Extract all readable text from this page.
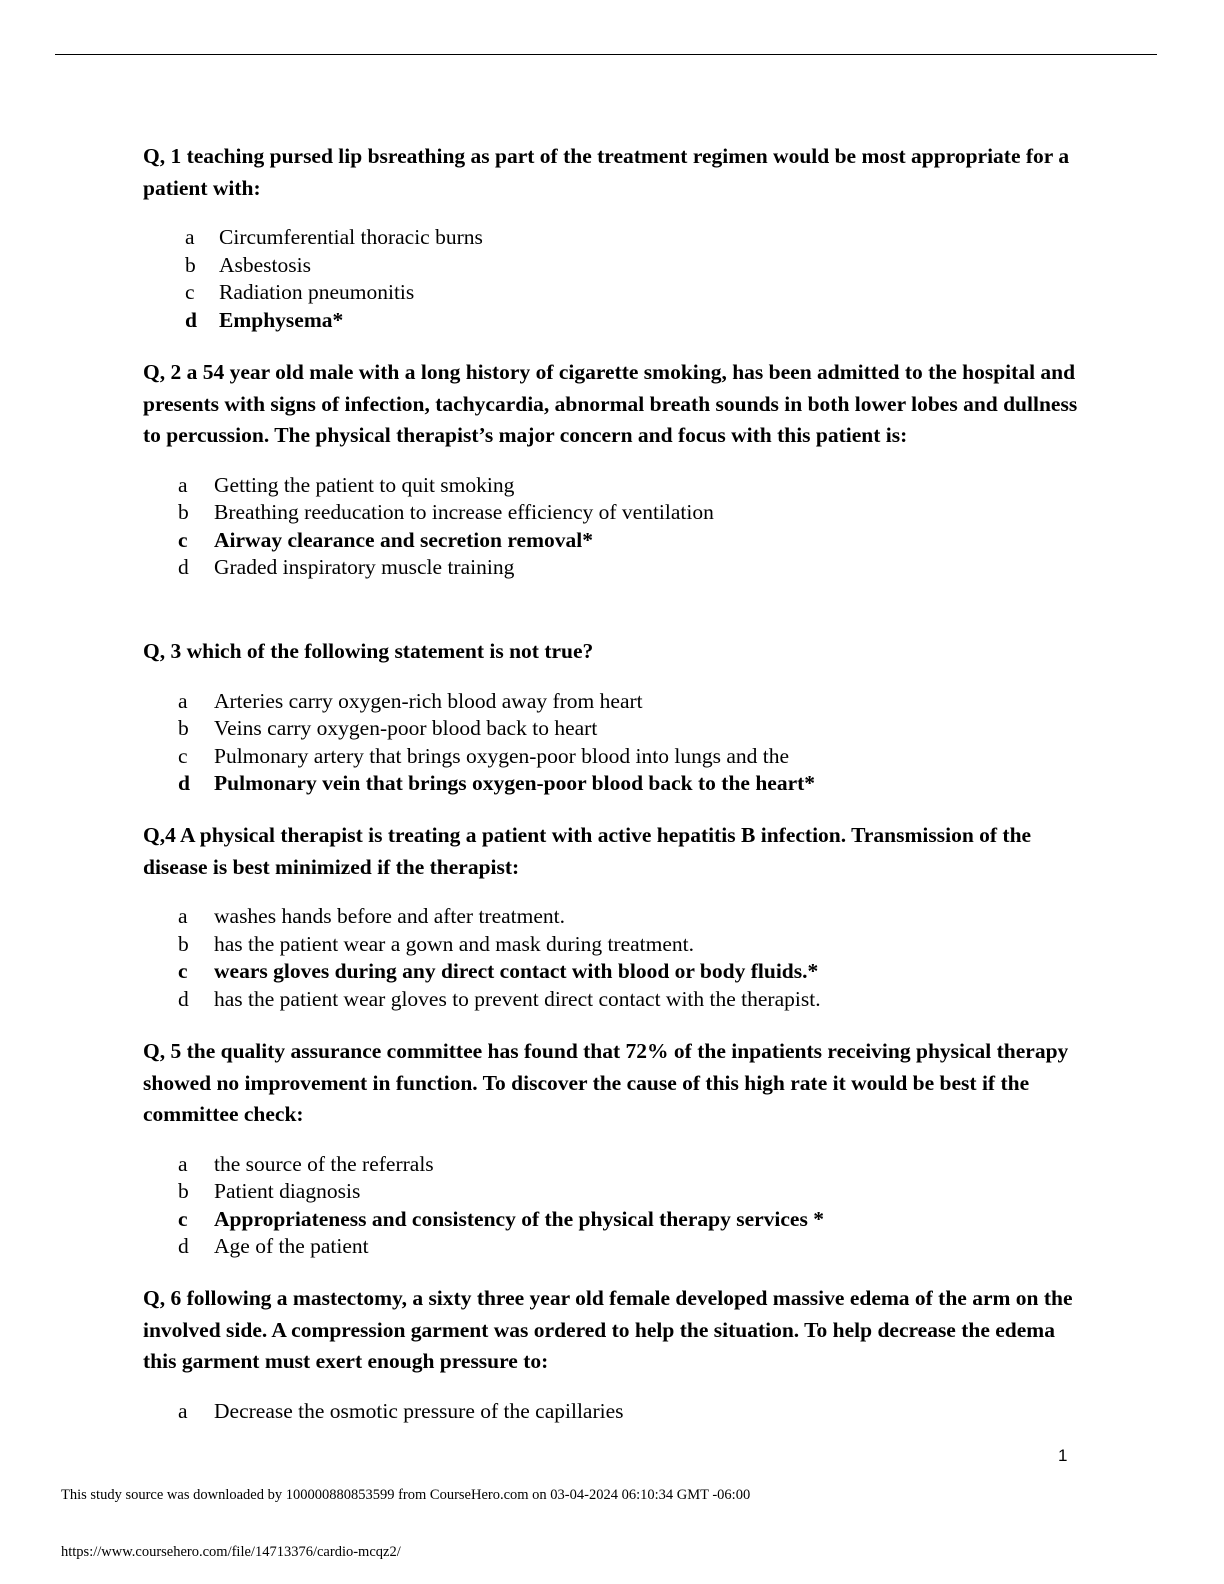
Q, 1 teaching pursed lip bsreathing as part of the treatment regimen would be most appropriate for a patient with:

a	Circumferential thoracic burns
b	Asbestosis
c	Radiation pneumonitis
d	Emphysema*

Q, 2 a 54 year old male with a long history of cigarette smoking, has been admitted to the hospital and presents with signs of infection, tachycardia, abnormal breath sounds in both lower lobes and dullness to percussion. The physical therapist’s major concern and focus with this patient is:

a	Getting the patient to quit smoking
b	Breathing reeducation to increase efficiency of ventilation
c	Airway clearance and secretion removal*
d	Graded inspiratory muscle training

Q, 3 which of the following statement is not true?

a	Arteries carry oxygen-rich blood away from heart
b	Veins carry oxygen-poor blood back to heart
c	Pulmonary artery that brings oxygen-poor blood into lungs and the
d	Pulmonary vein that brings oxygen-poor blood back to the heart*

Q,4 A physical therapist is treating a patient with active hepatitis B infection. Transmission of the disease is best minimized if the therapist:

a	washes hands before and after treatment.
b	has the patient wear a gown and mask during treatment.
c	wears gloves during any direct contact with blood or body fluids.*
d	has the patient wear gloves to prevent direct contact with the therapist.

Q, 5 the quality assurance committee has found that 72% of the inpatients receiving physical therapy showed no improvement in function. To discover the cause of this high rate it would be best if the committee check:

a	the source of the referrals
b	Patient diagnosis
c	Appropriateness and consistency of the physical therapy services *
d	Age of the patient

Q, 6 following a mastectomy, a sixty three year old female developed massive edema of the arm on the involved side. A compression garment was ordered to help the situation. To help decrease the edema this garment must exert enough pressure to:

a	Decrease the osmotic pressure of the capillaries
1
This study source was downloaded by 100000880853599 from CourseHero.com on 03-04-2024 06:10:34 GMT -06:00
https://www.coursehero.com/file/14713376/cardio-mcqz2/
